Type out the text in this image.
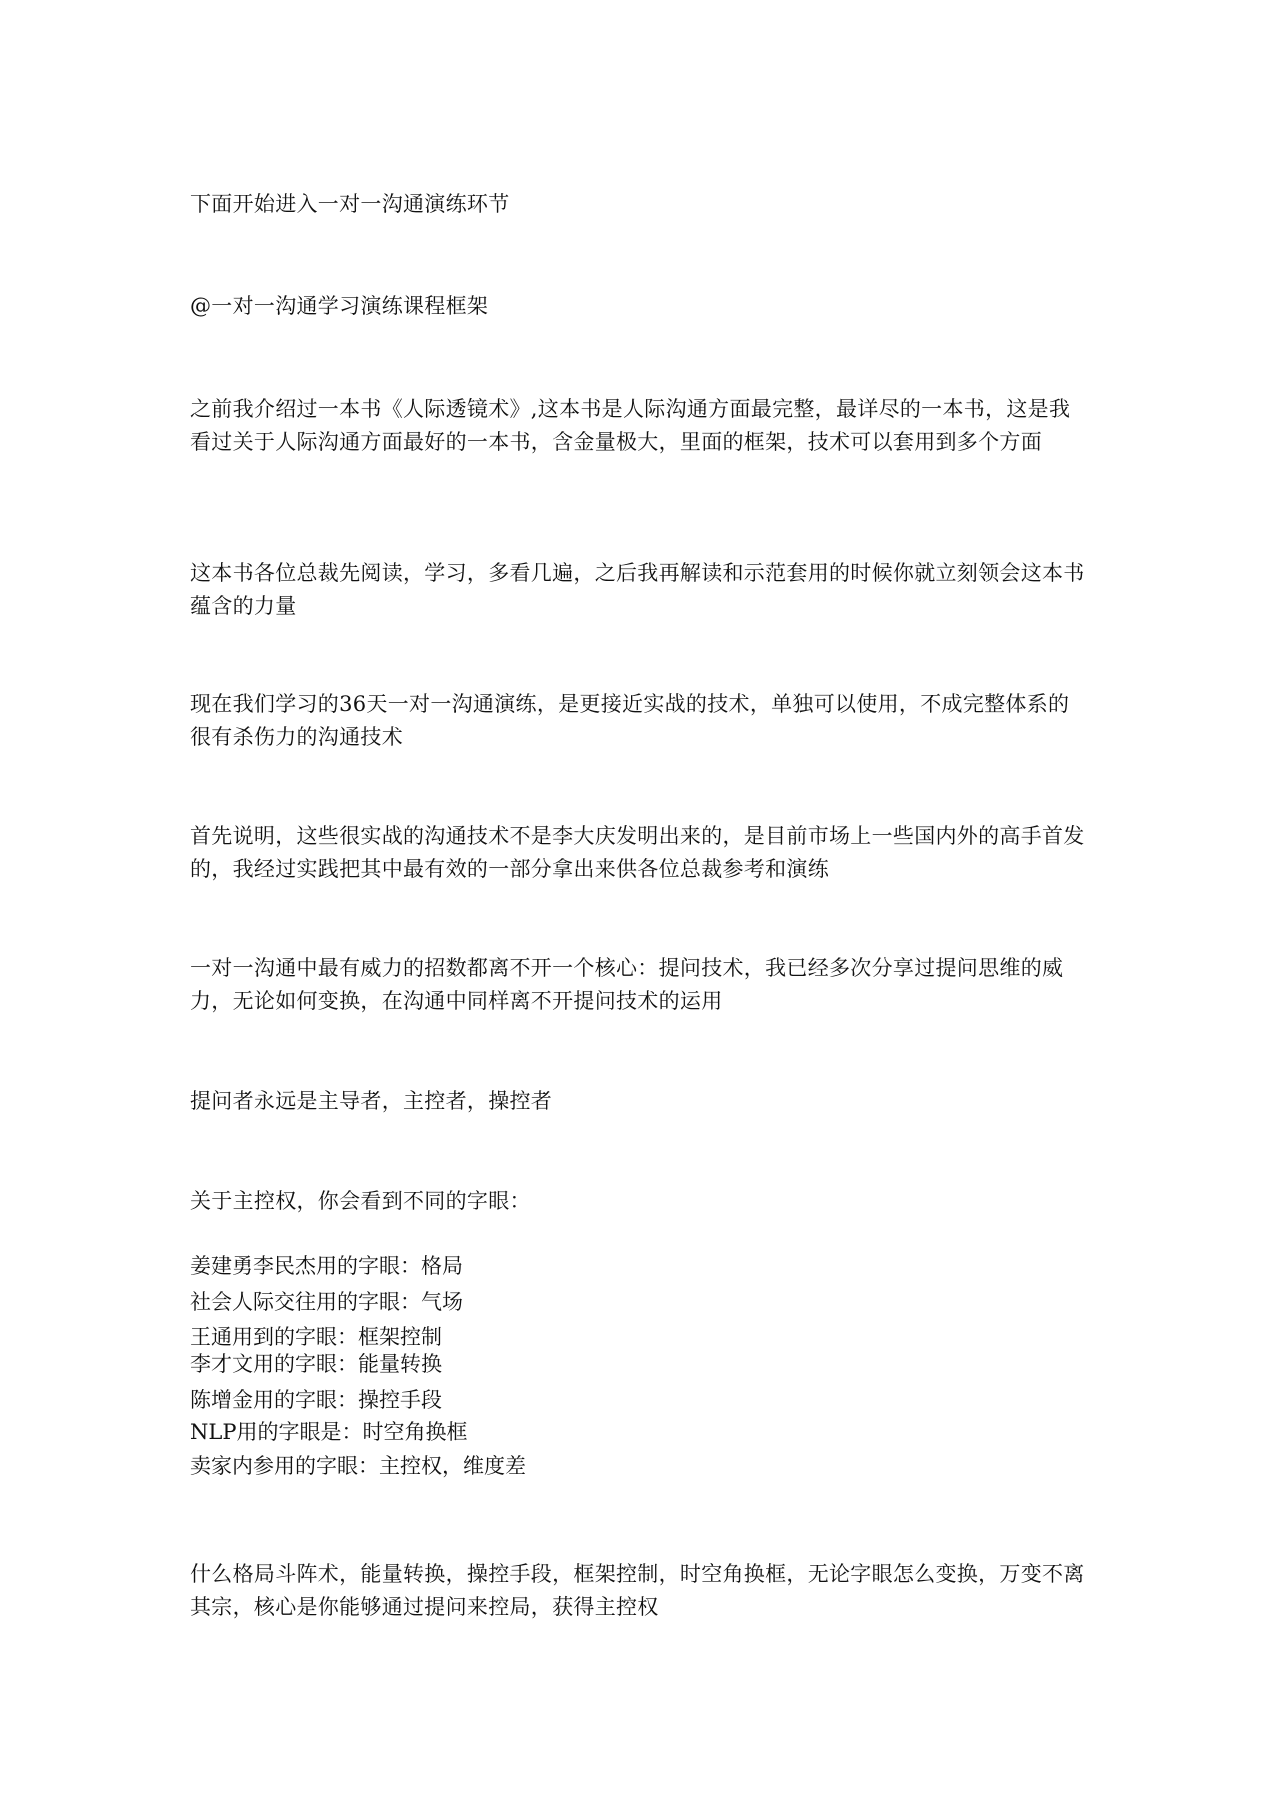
下面开始进入一对一沟通演练环节

@一对一沟通学习演练课程框架

之前我介绍过一本书《人际透镜术》,这本书是人际沟通方面最完整，最详尽的一本书，这是我看过关于人际沟通方面最好的一本书，含金量极大，里面的框架，技术可以套用到多个方面

这本书各位总裁先阅读，学习，多看几遍，之后我再解读和示范套用的时候你就立刻领会这本书蕴含的力量

现在我们学习的36天一对一沟通演练，是更接近实战的技术，单独可以使用，不成完整体系的很有杀伤力的沟通技术

首先说明，这些很实战的沟通技术不是李大庆发明出来的，是目前市场上一些国内外的高手首发的，我经过实践把其中最有效的一部分拿出来供各位总裁参考和演练

一对一沟通中最有威力的招数都离不开一个核心：提问技术，我已经多次分享过提问思维的威力，无论如何变换，在沟通中同样离不开提问技术的运用

提问者永远是主导者，主控者，操控者

关于主控权，你会看到不同的字眼：

姜建勇李民杰用的字眼：格局

社会人际交往用的字眼：气场

王通用到的字眼：框架控制

李才文用的字眼：能量转换

陈增金用的字眼：操控手段

NLP用的字眼是：时空角换框

卖家内参用的字眼：主控权，维度差

什么格局斗阵术，能量转换，操控手段，框架控制，时空角换框，无论字眼怎么变换，万变不离其宗，核心是你能够通过提问来控局，获得主控权
